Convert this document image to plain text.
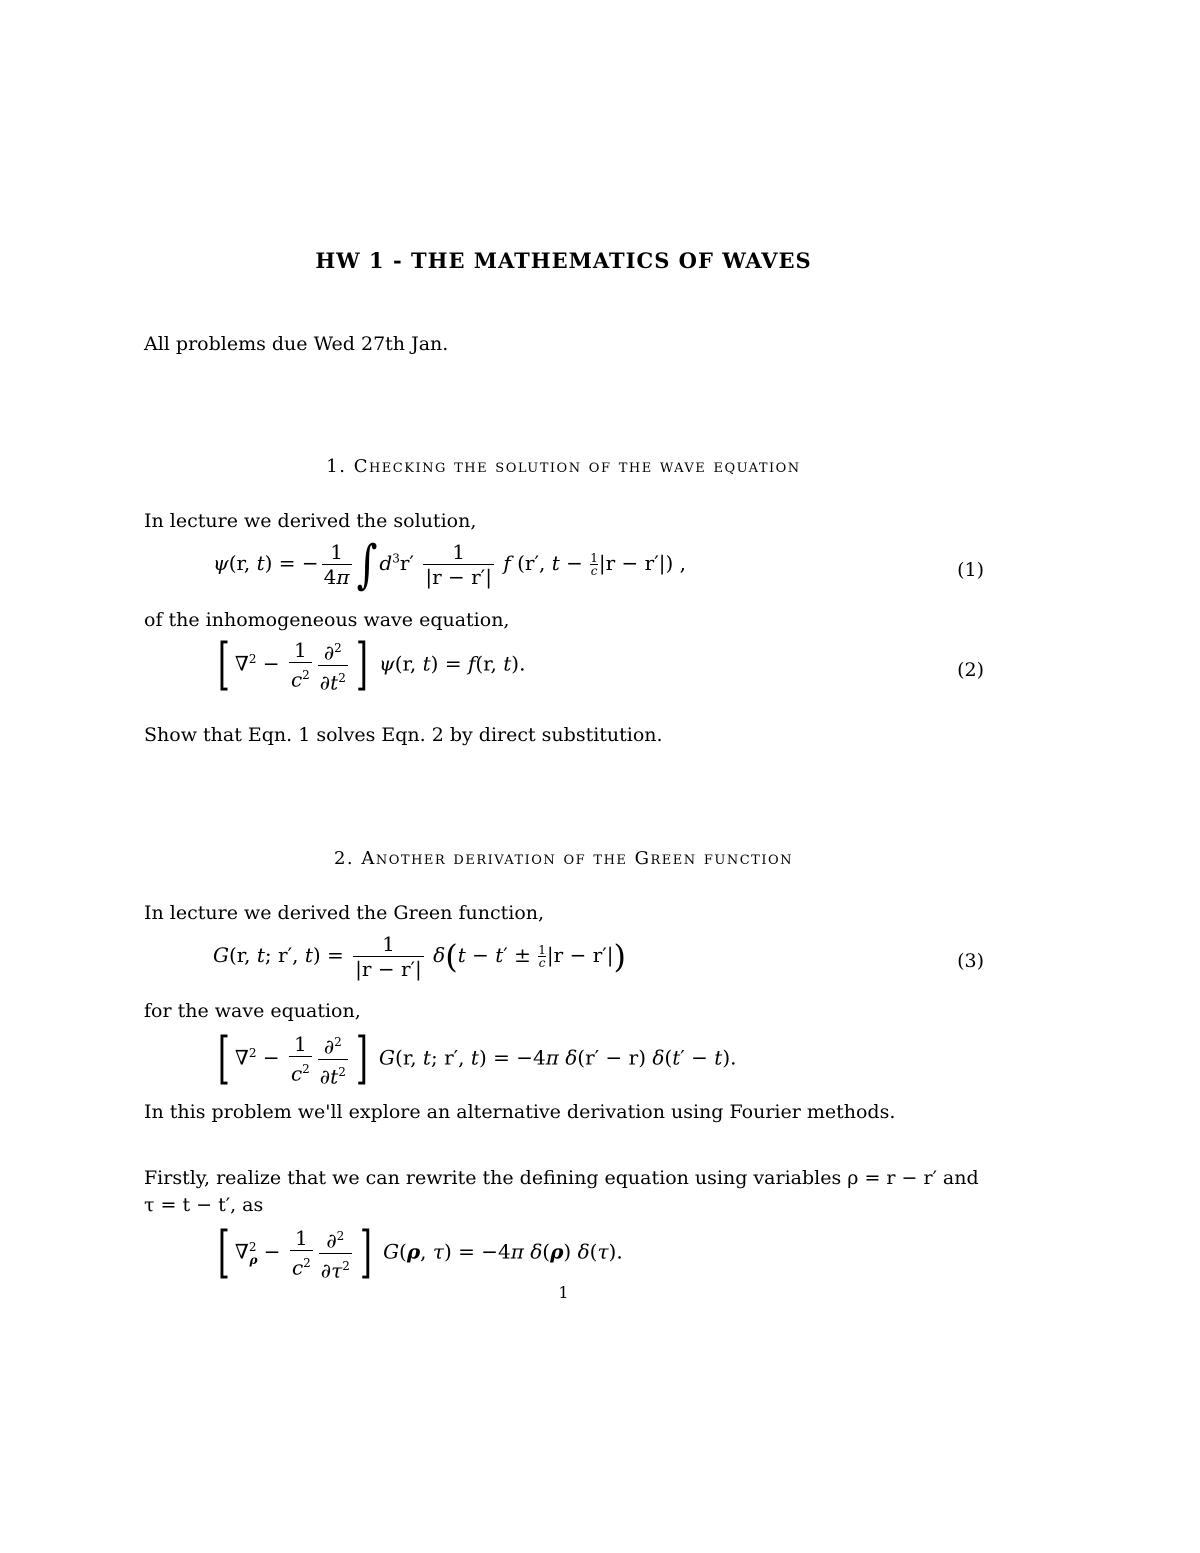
HW 1 - THE MATHEMATICS OF WAVES
All problems due Wed 27th Jan.
1. Checking the solution of the wave equation
In lecture we derived the solution,
ψ(r, t) = − $\frac{1}{4\pi}$ ∫ $d^3r' \frac{1}{|r - r'|}$ f (r′, $t - \frac{1}{c} |r - r'|$) ,	(1)
of the inhomogeneous wave equation,
[ $\nabla^2 - \frac{1}{c^2} \frac{\partial^2}{\partial t^2}$ ] ψ(r, t) = f(r, t).	(2)
Show that Eqn. 1 solves Eqn. 2 by direct substitution.
2. Another derivation of the Green function
In lecture we derived the Green function,
G(r, t; r′, $t) = \frac{1}{|r - r'|} \delta(t - t' \pm \frac{1}{c} |r - r'|)$	(3)
for the wave equation,
[ $\nabla^2 - \frac{1}{c^2} \frac{\partial^2}{\partial t^2}$ ] G(r, t; r′, t) = −4π δ(r′ − r) δ(t′ − t).
In this problem we'll explore an alternative derivation using Fourier methods.
Firstly, realize that we can rewrite the defining equation using variables ρ = r − r′ and
τ = t − t′, as
[ $\nabla^2_\rho - \frac{1}{c^2} \frac{\partial^2}{\partial\tau^2}$ ] G(ρ, τ) = −4π δ(ρ) δ(τ).
1
